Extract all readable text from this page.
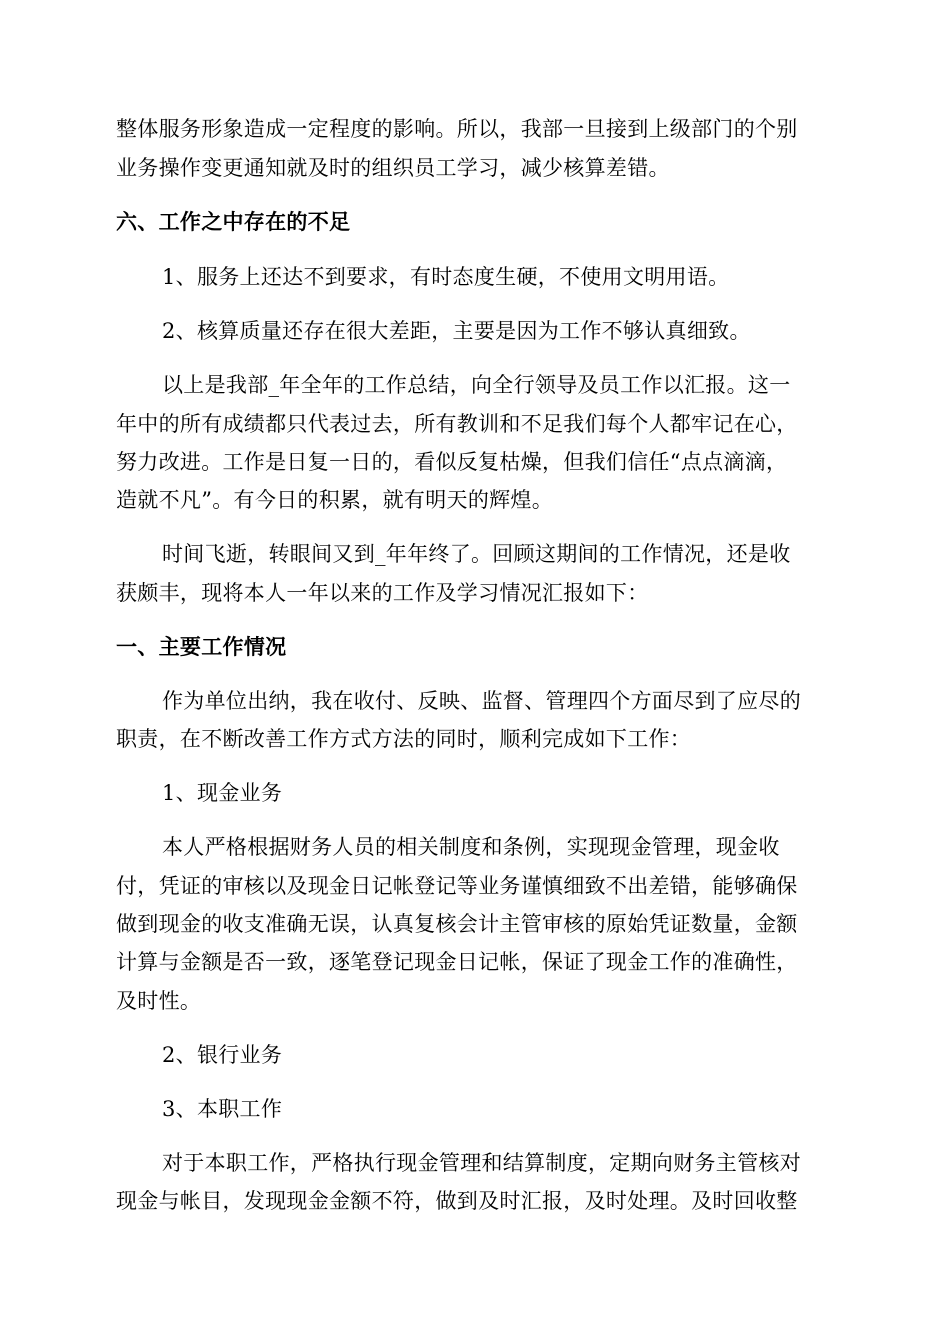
整体服务形象造成一定程度的影响。所以，我部一旦接到上级部门的个别
业务操作变更通知就及时的组织员工学习，减少核算差错。
六、工作之中存在的不足
1、服务上还达不到要求，有时态度生硬，不使用文明用语。
2、核算质量还存在很大差距，主要是因为工作不够认真细致。
以上是我部_年全年的工作总结，向全行领导及员工作以汇报。这一
年中的所有成绩都只代表过去，所有教训和不足我们每个人都牢记在心，
努力改进。工作是日复一日的，看似反复枯燥，但我们信任“点点滴滴，
造就不凡”。有今日的积累，就有明天的辉煌。
时间飞逝，转眼间又到_年年终了。回顾这期间的工作情况，还是收
获颇丰，现将本人一年以来的工作及学习情况汇报如下：
一、主要工作情况
作为单位出纳，我在收付、反映、监督、管理四个方面尽到了应尽的
职责，在不断改善工作方式方法的同时，顺利完成如下工作：
1、现金业务
本人严格根据财务人员的相关制度和条例，实现现金管理，现金收
付，凭证的审核以及现金日记帐登记等业务谨慎细致不出差错，能够确保
做到现金的收支准确无误，认真复核会计主管审核的原始凭证数量，金额
计算与金额是否一致，逐笔登记现金日记帐，保证了现金工作的准确性，
及时性。
2、银行业务
3、本职工作
对于本职工作，严格执行现金管理和结算制度，定期向财务主管核对
现金与帐目，发现现金金额不符，做到及时汇报，及时处理。及时回收整
